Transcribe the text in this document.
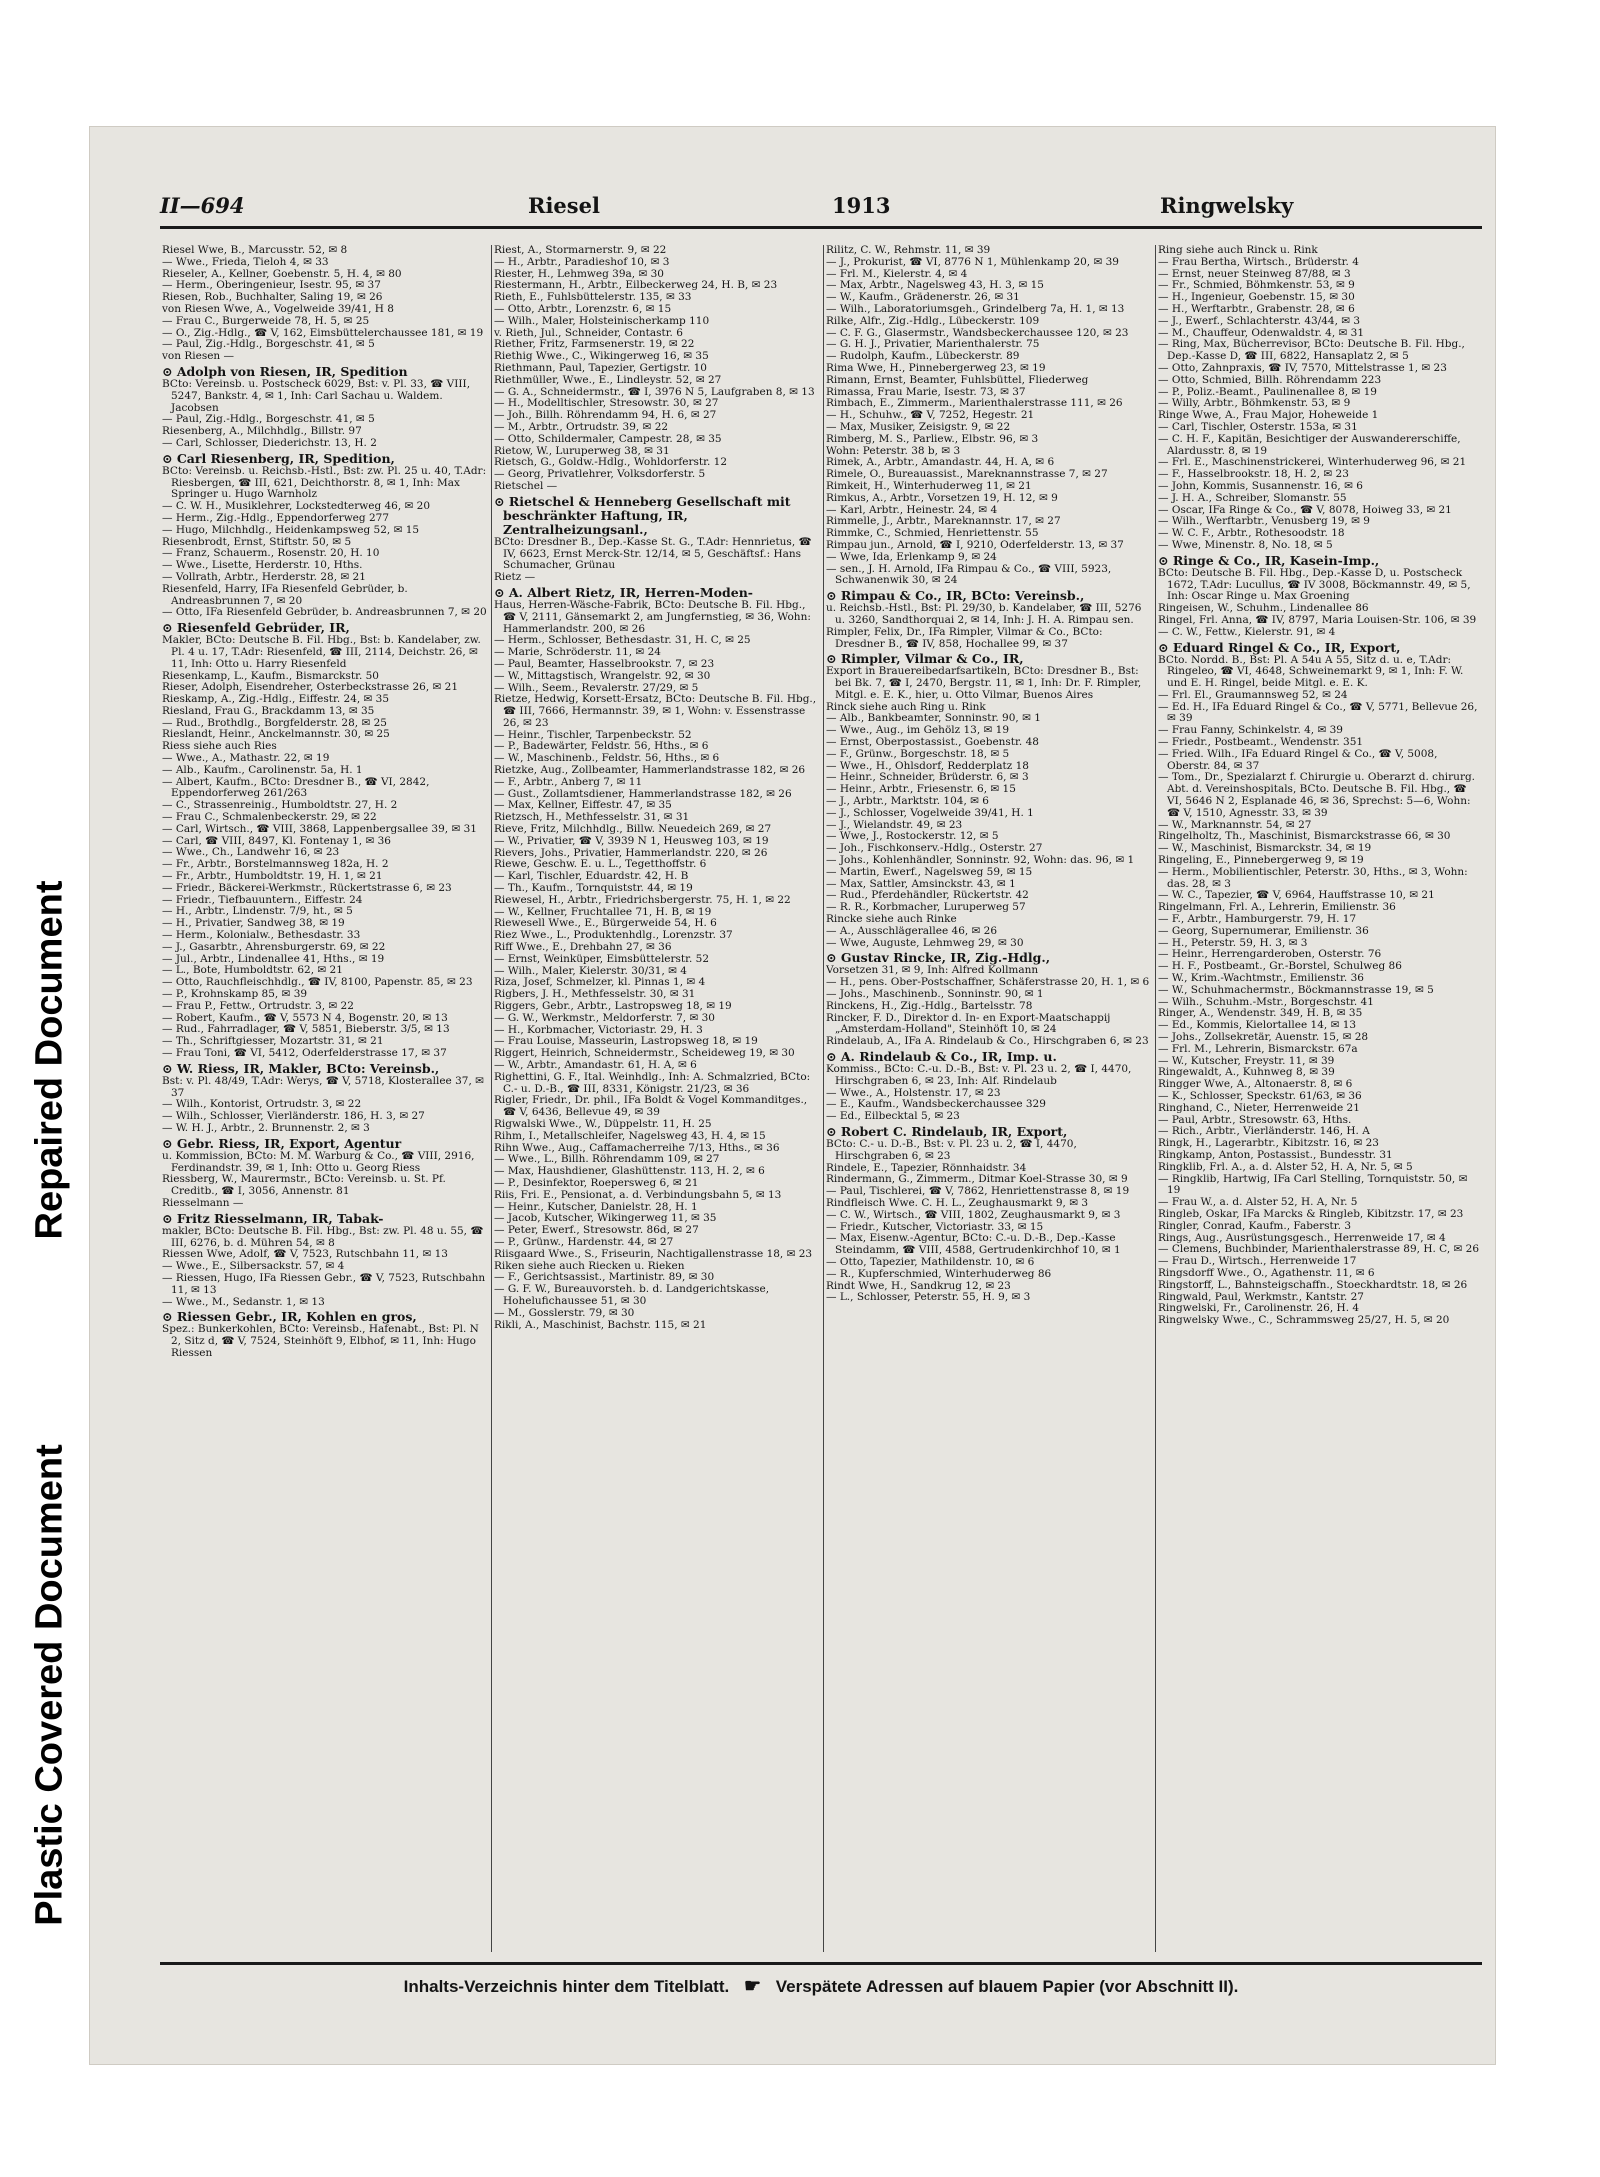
Plastic Covered Document
Repaired Document
II—694	Riesel	1913	Ringwelsky

Riesel Wwe, B., Marcusstr. 52, ✉ 8

— Wwe., Frieda, Tieloh 4, ✉ 33

Rieseler, A., Kellner, Goebenstr. 5, H. 4, ✉ 80

— Herm., Oberingenieur, Isestr. 95, ✉ 37

Riesen, Rob., Buchhalter, Saling 19, ✉ 26

von Riesen Wwe, A., Vogelweide 39/41, H 8

— Frau C., Burgerweide 78, H. 5, ✉ 25

— O., Zig.-Hdlg., ☎ V, 162, Eimsbüttelerchaussee 181, ✉ 19

— Paul, Zig.-Hdlg., Borgeschstr. 41, ✉ 5

von Riesen —

⊙ Adolph von Riesen, IR, Spedition

BCto: Vereinsb. u. Postscheck 6029, Bst: v. Pl. 33, ☎ VIII, 5247, Bankstr. 4, ✉ 1, Inh: Carl Sachau u. Waldem. Jacobsen

— Paul, Zig.-Hdlg., Borgeschstr. 41, ✉ 5

Riesenberg, A., Milchhdlg., Billstr. 97

— Carl, Schlosser, Diederichstr. 13, H. 2

⊙ Carl Riesenberg, IR, Spedition,

BCto: Vereinsb. u. Reichsb.-Hstl., Bst: zw. Pl. 25 u. 40, T.Adr: Riesbergen, ☎ III, 621, Deichthorstr. 8, ✉ 1, Inh: Max Springer u. Hugo Warnholz

— C. W. H., Musiklehrer, Lockstedterweg 46, ✉ 20

— Herm., Zig.-Hdlg., Eppendorferweg 277

— Hugo, Milchhdlg., Heidenkampsweg 52, ✉ 15

Riesenbrodt, Ernst, Stiftstr. 50, ✉ 5

— Franz, Schauerm., Rosenstr. 20, H. 10

— Wwe., Lisette, Herderstr. 10, Hths.

— Vollrath, Arbtr., Herderstr. 28, ✉ 21

Riesenfeld, Harry, IFa Riesenfeld Gebrüder, b. Andreasbrunnen 7, ✉ 20

— Otto, IFa Riesenfeld Gebrüder, b. Andreasbrunnen 7, ✉ 20

⊙ Riesenfeld Gebrüder, IR,

Makler, BCto: Deutsche B. Fil. Hbg., Bst: b. Kandelaber, zw. Pl. 4 u. 17, T.Adr: Riesenfeld, ☎ III, 2114, Deichstr. 26, ✉ 11, Inh: Otto u. Harry Riesenfeld

Riesenkamp, L., Kaufm., Bismarckstr. 50

Rieser, Adolph, Eisendreher, Osterbeckstrasse 26, ✉ 21

Rieskamp, A., Zig.-Hdlg., Eiffestr. 24, ✉ 35

Riesland, Frau G., Brackdamm 13, ✉ 35

— Rud., Brothdlg., Borgfelderstr. 28, ✉ 25

Rieslandt, Heinr., Anckelmannstr. 30, ✉ 25

Riess siehe auch Ries

— Wwe., A., Mathastr. 22, ✉ 19

— Alb., Kaufm., Carolinenstr. 5a, H. 1

— Albert, Kaufm., BCto: Dresdner B., ☎ VI, 2842, Eppendorferweg 261/263

— C., Strassenreinig., Humboldtstr. 27, H. 2

— Frau C., Schmalenbeckerstr. 29, ✉ 22

— Carl, Wirtsch., ☎ VIII, 3868, Lappenbergsallee 39, ✉ 31

— Carl, ☎ VIII, 8497, Kl. Fontenay 1, ✉ 36

— Wwe., Ch., Landwehr 16, ✉ 23

— Fr., Arbtr., Borstelmannsweg 182a, H. 2

— Fr., Arbtr., Humboldtstr. 19, H. 1, ✉ 21

— Friedr., Bäckerei-Werkmstr., Rückertstrasse 6, ✉ 23

— Friedr., Tiefbauuntern., Eiffestr. 24

— H., Arbtr., Lindenstr. 7/9, ht., ✉ 5

— H., Privatier, Sandweg 38, ✉ 19

— Herm., Kolonialw., Bethesdastr. 33

— J., Gasarbtr., Ahrensburgerstr. 69, ✉ 22

— Jul., Arbtr., Lindenallee 41, Hths., ✉ 19

— L., Bote, Humboldtstr. 62, ✉ 21

— Otto, Rauchfleischhdlg., ☎ IV, 8100, Papenstr. 85, ✉ 23

— P., Krohnskamp 85, ✉ 39

— Frau P., Fettw., Ortrudstr. 3, ✉ 22

— Robert, Kaufm., ☎ V, 5573 N 4, Bogenstr. 20, ✉ 13

— Rud., Fahrradlager, ☎ V, 5851, Bieberstr. 3/5, ✉ 13

— Th., Schriftgiesser, Mozartstr. 31, ✉ 21

— Frau Toni, ☎ VI, 5412, Oderfelderstrasse 17, ✉ 37

⊙ W. Riess, IR, Makler, BCto: Vereinsb.,

Bst: v. Pl. 48/49, T.Adr: Werys, ☎ V, 5718, Klosterallee 37, ✉ 37

— Wilh., Kontorist, Ortrudstr. 3, ✉ 22

— Wilh., Schlosser, Vierländerstr. 186, H. 3, ✉ 27

— W. H. J., Arbtr., 2. Brunnenstr. 2, ✉ 3

⊙ Gebr. Riess, IR, Export, Agentur

u. Kommission, BCto: M. M. Warburg & Co., ☎ VIII, 2916, Ferdinandstr. 39, ✉ 1, Inh: Otto u. Georg Riess

Riessberg, W., Maurermstr., BCto: Vereinsb. u. St. Pf. Creditb., ☎ I, 3056, Annenstr. 81

Riesselmann —

⊙ Fritz Riesselmann, IR, Tabak-

makler, BCto: Deutsche B. Fil. Hbg., Bst: zw. Pl. 48 u. 55, ☎ III, 6276, b. d. Mühren 54, ✉ 8

Riessen Wwe, Adolf, ☎ V, 7523, Rutschbahn 11, ✉ 13

— Wwe., E., Silbersackstr. 57, ✉ 4

— Riessen, Hugo, IFa Riessen Gebr., ☎ V, 7523, Rutschbahn 11, ✉ 13

— Wwe., M., Sedanstr. 1, ✉ 13

⊙ Riessen Gebr., IR, Kohlen en gros,

Spez.: Bunkerkohlen, BCto: Vereinsb., Hafenabt., Bst: Pl. N 2, Sitz d, ☎ V, 7524, Steinhöft 9, Elbhof, ✉ 11, Inh: Hugo Riessen

Riest, A., Stormarnerstr. 9, ✉ 22

— H., Arbtr., Paradieshof 10, ✉ 3

Riester, H., Lehmweg 39a, ✉ 30

Riestermann, H., Arbtr., Eilbeckerweg 24, H. B, ✉ 23

Rieth, E., Fuhlsbüttelerstr. 135, ✉ 33

— Otto, Arbtr., Lorenzstr. 6, ✉ 15

— Wilh., Maler, Holsteinischerkamp 110

v. Rieth, Jul., Schneider, Contastr. 6

Riether, Fritz, Farmsenerstr. 19, ✉ 22

Riethig Wwe., C., Wikingerweg 16, ✉ 35

Riethmann, Paul, Tapezier, Gertigstr. 10

Riethmüller, Wwe., E., Lindleystr. 52, ✉ 27

— G. A., Schneidermstr., ☎ I, 3976 N 5, Laufgraben 8, ✉ 13

— H., Modelltischler, Stresowstr. 30, ✉ 27

— Joh., Billh. Röhrendamm 94, H. 6, ✉ 27

— M., Arbtr., Ortrudstr. 39, ✉ 22

— Otto, Schildermaler, Campestr. 28, ✉ 35

Rietow, W., Luruperweg 38, ✉ 31

Rietsch, G., Goldw.-Hdlg., Wohldorferstr. 12

— Georg, Privatlehrer, Volksdorferstr. 5

Rietschel —

⊙ Rietschel & Henneberg Gesellschaft mit beschränkter Haftung, IR, Zentralheizungsanl.,

BCto: Dresdner B., Dep.-Kasse St. G., T.Adr: Hennrietus, ☎ IV, 6623, Ernst Merck-Str. 12/14, ✉ 5, Geschäftsf.: Hans Schumacher, Grünau

Rietz —

⊙ A. Albert Rietz, IR, Herren-Moden-

Haus, Herren-Wäsche-Fabrik, BCto: Deutsche B. Fil. Hbg., ☎ V, 2111, Gänsemarkt 2, am Jungfernstieg, ✉ 36, Wohn: Hammerlandstr. 200, ✉ 26

— Herm., Schlosser, Bethesdastr. 31, H. C, ✉ 25

— Marie, Schröderstr. 11, ✉ 24

— Paul, Beamter, Hasselbrookstr. 7, ✉ 23

— W., Mittagstisch, Wrangelstr. 92, ✉ 30

— Wilh., Seem., Revalerstr. 27/29, ✉ 5

Rietze, Hedwig, Korsett-Ersatz, BCto: Deutsche B. Fil. Hbg., ☎ III, 7666, Hermannstr. 39, ✉ 1, Wohn: v. Essenstrasse 26, ✉ 23

— Heinr., Tischler, Tarpenbeckstr. 52

— P., Badewärter, Feldstr. 56, Hths., ✉ 6

— W., Maschinenb., Feldstr. 56, Hths., ✉ 6

Rietzke, Aug., Zollbeamter, Hammerlandstrasse 182, ✉ 26

— F., Arbtr., Anberg 7, ✉ 11

— Gust., Zollamtsdiener, Hammerlandstrasse 182, ✉ 26

— Max, Kellner, Eiffestr. 47, ✉ 35

Rietzsch, H., Methfesselstr. 31, ✉ 31

Rieve, Fritz, Milchhdlg., Billw. Neuedeich 269, ✉ 27

— W., Privatier, ☎ V, 3939 N 1, Heusweg 103, ✉ 19

Rievers, Johs., Privatier, Hammerlandstr. 220, ✉ 26

Riewe, Geschw. E. u. L., Tegetthoffstr. 6

— Karl, Tischler, Eduardstr. 42, H. B

— Th., Kaufm., Tornquiststr. 44, ✉ 19

Riewesel, H., Arbtr., Friedrichsbergerstr. 75, H. 1, ✉ 22

— W., Kellner, Fruchtallee 71, H. B, ✉ 19

Riewesell Wwe., E., Bürgerweide 54, H. 6

Riez Wwe., L., Produktenhdlg., Lorenzstr. 37

Riff Wwe., E., Drehbahn 27, ✉ 36

— Ernst, Weinküper, Eimsbüttelerstr. 52

— Wilh., Maler, Kielerstr. 30/31, ✉ 4

Riza, Josef, Schmelzer, kl. Pinnas 1, ✉ 4

Rigbers, J. H., Methfesselstr. 30, ✉ 31

Riggers, Gebr., Arbtr., Lastropsweg 18, ✉ 19

— G. W., Werkmstr., Meldorferstr. 7, ✉ 30

— H., Korbmacher, Victoriastr. 29, H. 3

— Frau Louise, Masseurin, Lastropsweg 18, ✉ 19

Riggert, Heinrich, Schneidermstr., Scheideweg 19, ✉ 30

— W., Arbtr., Amandastr. 61, H. A, ✉ 6

Righettini, G. F., Ital. Weinhdlg., Inh: A. Schmalzried, BCto: C.- u. D.-B., ☎ III, 8331, Königstr. 21/23, ✉ 36

Rigler, Friedr., Dr. phil., IFa Boldt & Vogel Kommanditges., ☎ V, 6436, Bellevue 49, ✉ 39

Rigwalski Wwe., W., Düppelstr. 11, H. 25

Rihm, I., Metallschleifer, Nagelsweg 43, H. 4, ✉ 15

Rihn Wwe., Aug., Caffamacherreihe 7/13, Hths., ✉ 36

— Wwe., L., Billh. Röhrendamm 109, ✉ 27

— Max, Haushdiener, Glashüttenstr. 113, H. 2, ✉ 6

— P., Desinfektor, Roepersweg 6, ✉ 21

Riis, Fri. E., Pensionat, a. d. Verbindungsbahn 5, ✉ 13

— Heinr., Kutscher, Danielstr. 28, H. 1

— Jacob, Kutscher, Wikingerweg 11, ✉ 35

— Peter, Ewerf., Stresowstr. 86d, ✉ 27

— P., Grünw., Hardenstr. 44, ✉ 27

Riisgaard Wwe., S., Friseurin, Nachtigallenstrasse 18, ✉ 23

Riken siehe auch Riecken u. Rieken

— F., Gerichtsassist., Martinistr. 89, ✉ 30

— G. F. W., Bureauvorsteh. b. d. Landgerichtskasse, Hohelufichaussee 51, ✉ 30

— M., Gosslerstr. 79, ✉ 30

Rikli, A., Maschinist, Bachstr. 115, ✉ 21

Rilitz, C. W., Rehmstr. 11, ✉ 39

— J., Prokurist, ☎ VI, 8776 N 1, Mühlenkamp 20, ✉ 39

— Frl. M., Kielerstr. 4, ✉ 4

— Max, Arbtr., Nagelsweg 43, H. 3, ✉ 15

— W., Kaufm., Grädenerstr. 26, ✉ 31

— Wilh., Laboratoriumsgeh., Grindelberg 7a, H. 1, ✉ 13

Rilke, Alfr., Zig.-Hdlg., Lübeckerstr. 109

— C. F. G., Glasermstr., Wandsbeckerchaussee 120, ✉ 23

— G. H. J., Privatier, Marienthalerstr. 75

— Rudolph, Kaufm., Lübeckerstr. 89

Rima Wwe, H., Pinnebergerweg 23, ✉ 19

Rimann, Ernst, Beamter, Fuhlsbüttel, Fliederweg

Rimassa, Frau Marie, Isestr. 73, ✉ 37

Rimbach, E., Zimmerm., Marienthalerstrasse 111, ✉ 26

— H., Schuhw., ☎ V, 7252, Hegestr. 21

— Max, Musiker, Zeisigstr. 9, ✉ 22

Rimberg, M. S., Parliew., Elbstr. 96, ✉ 3

Wohn: Peterstr. 38 b, ✉ 3

Rimek, A., Arbtr., Amandastr. 44, H. A, ✉ 6

Rimele, O., Bureauassist., Mareknannstrasse 7, ✉ 27

Rimkeit, H., Winterhuderweg 11, ✉ 21

Rimkus, A., Arbtr., Vorsetzen 19, H. 12, ✉ 9

— Karl, Arbtr., Heinestr. 24, ✉ 4

Rimmelle, J., Arbtr., Mareknannstr. 17, ✉ 27

Rimmke, C., Schmied, Henriettenstr. 55

Rimpau jun., Arnold, ☎ I, 9210, Oderfelderstr. 13, ✉ 37

— Wwe, Ida, Erlenkamp 9, ✉ 24

— sen., J. H. Arnold, IFa Rimpau & Co., ☎ VIII, 5923, Schwanenwik 30, ✉ 24

⊙ Rimpau & Co., IR, BCto: Vereinsb.,

u. Reichsb.-Hstl., Bst: Pl. 29/30, b. Kandelaber, ☎ III, 5276 u. 3260, Sandthorquai 2, ✉ 14, Inh: J. H. A. Rimpau sen.

Rimpler, Felix, Dr., IFa Rimpler, Vilmar & Co., BCto: Dresdner B., ☎ IV, 858, Hochallee 99, ✉ 37

⊙ Rimpler, Vilmar & Co., IR,

Export in Brauereibedarfsartikeln, BCto: Dresdner B., Bst: bei Bk. 7, ☎ I, 2470, Bergstr. 11, ✉ 1, Inh: Dr. F. Rimpler, Mitgl. e. E. K., hier, u. Otto Vilmar, Buenos Aires

Rinck siehe auch Ring u. Rink

— Alb., Bankbeamter, Sonninstr. 90, ✉ 1

— Wwe., Aug., im Gehölz 13, ✉ 19

— Ernst, Oberpostassist., Goebenstr. 48

— F., Grünw., Borgeschstr. 18, ✉ 5

— Wwe., H., Ohlsdorf, Redderplatz 18

— Heinr., Schneider, Brüderstr. 6, ✉ 3

— Heinr., Arbtr., Friesenstr. 6, ✉ 15

— J., Arbtr., Marktstr. 104, ✉ 6

— J., Schlosser, Vogelweide 39/41, H. 1

— J., Wielandstr. 49, ✉ 23

— Wwe, J., Rostockerstr. 12, ✉ 5

— Joh., Fischkonserv.-Hdlg., Osterstr. 27

— Johs., Kohlenhändler, Sonninstr. 92, Wohn: das. 96, ✉ 1

— Martin, Ewerf., Nagelsweg 59, ✉ 15

— Max, Sattler, Amsinckstr. 43, ✉ 1

— Rud., Pferdehändler, Rückertstr. 42

— R. R., Korbmacher, Luruperweg 57

Rincke siehe auch Rinke

— A., Ausschlägerallee 46, ✉ 26

— Wwe, Auguste, Lehmweg 29, ✉ 30

⊙ Gustav Rincke, IR, Zig.-Hdlg.,

Vorsetzen 31, ✉ 9, Inh: Alfred Kollmann

— H., pens. Ober-Postschaffner, Schäferstrasse 20, H. 1, ✉ 6

— Johs., Maschinenb., Sonninstr. 90, ✉ 1

Rinckens, H., Zig.-Hdlg., Bartelsstr. 78

Rincker, F. D., Direktor d. In- en Export-Maatschappij „Amsterdam-Holland", Steinhöft 10, ✉ 24

Rindelaub, A., IFa A. Rindelaub & Co., Hirschgraben 6, ✉ 23

⊙ A. Rindelaub & Co., IR, Imp. u.

Kommiss., BCto: C.-u. D.-B., Bst: v. Pl. 23 u. 2, ☎ I, 4470, Hirschgraben 6, ✉ 23, Inh: Alf. Rindelaub

— Wwe., A., Holstenstr. 17, ✉ 23

— E., Kaufm., Wandsbeckerchaussee 329

— Ed., Eilbecktal 5, ✉ 23

⊙ Robert C. Rindelaub, IR, Export,

BCto: C.- u. D.-B., Bst: v. Pl. 23 u. 2, ☎ I, 4470, Hirschgraben 6, ✉ 23

Rindele, E., Tapezier, Rönnhaidstr. 34

Rindermann, G., Zimmerm., Ditmar Koel-Strasse 30, ✉ 9

— Paul, Tischlerei, ☎ V, 7862, Henriettenstrasse 8, ✉ 19

Rindfleisch Wwe. C. H. L., Zeughausmarkt 9, ✉ 3

— C. W., Wirtsch., ☎ VIII, 1802, Zeughausmarkt 9, ✉ 3

— Friedr., Kutscher, Victoriastr. 33, ✉ 15

— Max, Eisenw.-Agentur, BCto: C.-u. D.-B., Dep.-Kasse Steindamm, ☎ VIII, 4588, Gertrudenkirchhof 10, ✉ 1

— Otto, Tapezier, Mathildenstr. 10, ✉ 6

— R., Kupferschmied, Winterhuderweg 86

Rindt Wwe, H., Sandkrug 12, ✉ 23

— L., Schlosser, Peterstr. 55, H. 9, ✉ 3

Ring siehe auch Rinck u. Rink

— Frau Bertha, Wirtsch., Brüderstr. 4

— Ernst, neuer Steinweg 87/88, ✉ 3

— Fr., Schmied, Böhmkenstr. 53, ✉ 9

— H., Ingenieur, Goebenstr. 15, ✉ 30

— H., Werftarbtr., Grabenstr. 28, ✉ 6

— J., Ewerf., Schlachterstr. 43/44, ✉ 3

— M., Chauffeur, Odenwaldstr. 4, ✉ 31

— Ring, Max, Bücherrevisor, BCto: Deutsche B. Fil. Hbg., Dep.-Kasse D, ☎ III, 6822, Hansaplatz 2, ✉ 5

— Otto, Zahnpraxis, ☎ IV, 7570, Mittelstrasse 1, ✉ 23

— Otto, Schmied, Billh. Röhrendamm 223

— P., Poliz.-Beamt., Paulinenallee 8, ✉ 19

— Willy, Arbtr., Böhmkenstr. 53, ✉ 9

Ringe Wwe, A., Frau Major, Hoheweide 1

— Carl, Tischler, Osterstr. 153a, ✉ 31

— C. H. F., Kapitän, Besichtiger der Auswandererschiffe, Alardusstr. 8, ✉ 19

— Frl. E., Maschinenstrickerei, Winterhuderweg 96, ✉ 21

— F., Hasselbrookstr. 18, H. 2, ✉ 23

— John, Kommis, Susannenstr. 16, ✉ 6

— J. H. A., Schreiber, Slomanstr. 55

— Oscar, IFa Ringe & Co., ☎ V, 8078, Hoiweg 33, ✉ 21

— Wilh., Werftarbtr., Venusberg 19, ✉ 9

— W. C. F., Arbtr., Rothesoodstr. 18

— Wwe, Minenstr. 8, No. 18, ✉ 5

⊙ Ringe & Co., IR, Kasein-Imp.,

BCto: Deutsche B. Fil. Hbg., Dep.-Kasse D, u. Postscheck 1672, T.Adr: Lucullus, ☎ IV 3008, Böckmannstr. 49, ✉ 5, Inh: Oscar Ringe u. Max Groening

Ringeisen, W., Schuhm., Lindenallee 86

Ringel, Frl. Anna, ☎ IV, 8797, Maria Louisen-Str. 106, ✉ 39

— C. W., Fettw., Kielerstr. 91, ✉ 4

⊙ Eduard Ringel & Co., IR, Export,

BCto. Nordd. B., Bst: Pl. A 54u A 55, Sitz d. u. e, T.Adr: Ringeleo, ☎ VI, 4648, Schweinemarkt 9, ✉ 1, Inh: F. W. und E. H. Ringel, beide Mitgl. e. E. K.

— Frl. El., Graumannsweg 52, ✉ 24

— Ed. H., IFa Eduard Ringel & Co., ☎ V, 5771, Bellevue 26, ✉ 39

— Frau Fanny, Schinkelstr. 4, ✉ 39

— Friedr., Postbeamt., Wendenstr. 351

— Fried. Wilh., IFa Eduard Ringel & Co., ☎ V, 5008, Oberstr. 84, ✉ 37

— Tom., Dr., Spezialarzt f. Chirurgie u. Oberarzt d. chirurg. Abt. d. Vereinshospitals, BCto. Deutsche B. Fil. Hbg., ☎ VI, 5646 N 2, Esplanade 46, ✉ 36, Sprechst: 5—6, Wohn: ☎ V, 1510, Agnesstr. 33, ✉ 39

— W., Marknannstr. 54, ✉ 27

Ringelholtz, Th., Maschinist, Bismarckstrasse 66, ✉ 30

— W., Maschinist, Bismarckstr. 34, ✉ 19

Ringeling, E., Pinnebergerweg 9, ✉ 19

— Herm., Mobilientischler, Peterstr. 30, Hths., ✉ 3, Wohn: das. 28, ✉ 3

— W. C., Tapezier, ☎ V, 6964, Hauffstrasse 10, ✉ 21

Ringelmann, Frl. A., Lehrerin, Emilienstr. 36

— F., Arbtr., Hamburgerstr. 79, H. 17

— Georg, Supernumerar, Emilienstr. 36

— H., Peterstr. 59, H. 3, ✉ 3

— Heinr., Herrengarderoben, Osterstr. 76

— H. F., Postbeamt., Gr.-Borstel, Schulweg 86

— W., Krim.-Wachtmstr., Emilienstr. 36

— W., Schuhmachermstr., Böckmannstrasse 19, ✉ 5

— Wilh., Schuhm.-Mstr., Borgeschstr. 41

Ringer, A., Wendenstr. 349, H. B, ✉ 35

— Ed., Kommis, Kielortallee 14, ✉ 13

— Johs., Zollsekretär, Auenstr. 15, ✉ 28

— Frl. M., Lehrerin, Bismarckstr. 67a

— W., Kutscher, Freystr. 11, ✉ 39

Ringewaldt, A., Kuhnweg 8, ✉ 39

Ringger Wwe, A., Altonaerstr. 8, ✉ 6

— K., Schlosser, Speckstr. 61/63, ✉ 36

Ringhand, C., Nieter, Herrenweide 21

— Paul, Arbtr., Stresowstr. 63, Hths.

— Rich., Arbtr., Vierländerstr. 146, H. A

Ringk, H., Lagerarbtr., Kibitzstr. 16, ✉ 23

Ringkamp, Anton, Postassist., Bundesstr. 31

Ringklib, Frl. A., a. d. Alster 52, H. A, Nr. 5, ✉ 5

— Ringklib, Hartwig, IFa Carl Stelling, Tornquiststr. 50, ✉ 19

— Frau W., a. d. Alster 52, H. A, Nr. 5

Ringleb, Oskar, IFa Marcks & Ringleb, Kibitzstr. 17, ✉ 23

Ringler, Conrad, Kaufm., Faberstr. 3

Rings, Aug., Ausrüstungsgesch., Herrenweide 17, ✉ 4

— Clemens, Buchbinder, Marienthalerstrasse 89, H. C, ✉ 26

— Frau D., Wirtsch., Herrenweide 17

Ringsdorff Wwe., O., Agathenstr. 11, ✉ 6

Ringstorff, L., Bahnsteigschaffn., Stoeckhardtstr. 18, ✉ 26

Ringwald, Paul, Werkmstr., Kantstr. 27

Ringwelski, Fr., Carolinenstr. 26, H. 4

Ringwelsky Wwe., C., Schrammsweg 25/27, H. 5, ✉ 20

Inhalts-Verzeichnis hinter dem Titelblatt. ☛ Verspätete Adressen auf blauem Papier (vor Abschnitt II).
